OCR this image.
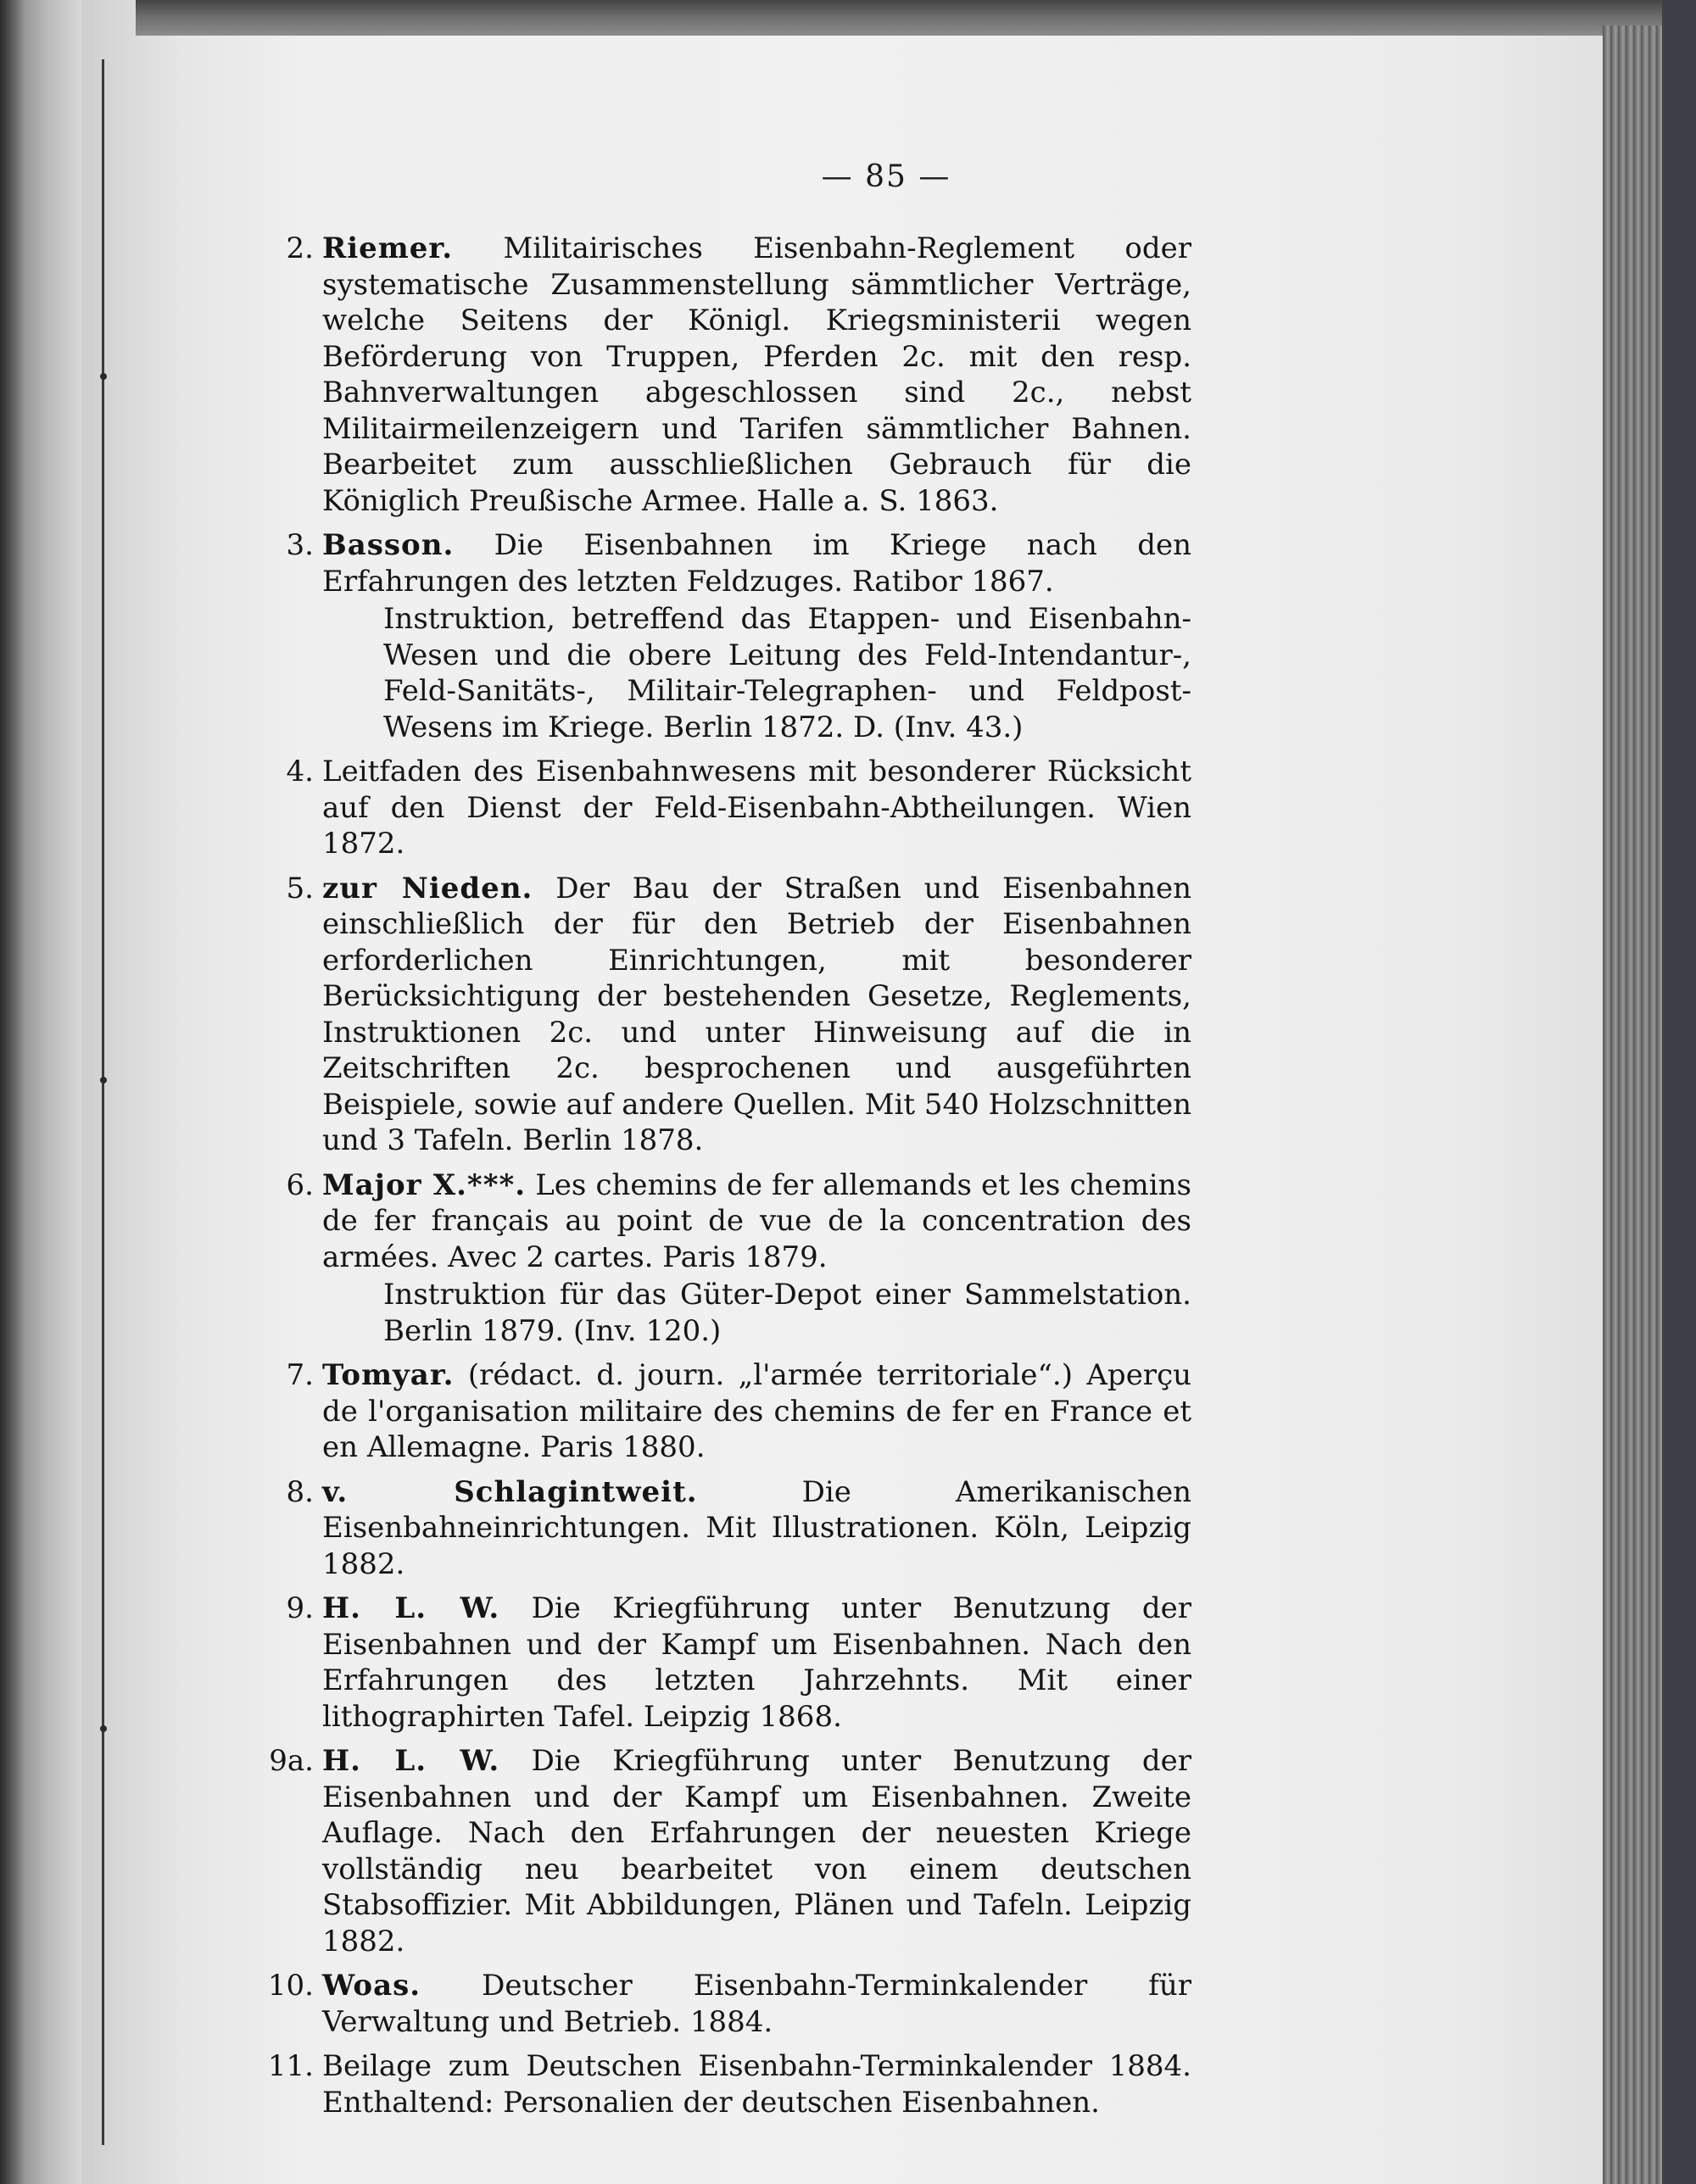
— 85 —
2. Riemer. Militairisches Eisenbahn-Reglement oder systematische Zusammenstellung sämmtlicher Verträge, welche Seitens der Königl. Kriegsministerii wegen Beförderung von Truppen, Pferden 2c. mit den resp. Bahnverwaltungen abgeschlossen sind 2c., nebst Militairmeilenzeigern und Tarifen sämmtlicher Bahnen. Bearbeitet zum ausschließlichen Gebrauch für die Königlich Preußische Armee. Halle a. S. 1863.
3. Basson. Die Eisenbahnen im Kriege nach den Erfahrungen des letzten Feldzuges. Ratibor 1867.
Instruktion, betreffend das Etappen- und Eisenbahn-Wesen und die obere Leitung des Feld-Intendantur-, Feld-Sanitäts-, Militair-Telegraphen- und Feldpost-Wesens im Kriege. Berlin 1872. D. (Inv. 43.)
4. Leitfaden des Eisenbahnwesens mit besonderer Rücksicht auf den Dienst der Feld-Eisenbahn-Abtheilungen. Wien 1872.
5. zur Nieden. Der Bau der Straßen und Eisenbahnen einschließlich der für den Betrieb der Eisenbahnen erforderlichen Einrichtungen, mit besonderer Berücksichtigung der bestehenden Gesetze, Reglements, Instruktionen 2c. und unter Hinweisung auf die in Zeitschriften 2c. besprochenen und ausgeführten Beispiele, sowie auf andere Quellen. Mit 540 Holzschnitten und 3 Tafeln. Berlin 1878.
6. Major X.***. Les chemins de fer allemands et les chemins de fer français au point de vue de la concentration des armées. Avec 2 cartes. Paris 1879.
Instruktion für das Güter-Depot einer Sammelstation. Berlin 1879. (Inv. 120.)
7. Tomyar. (rédact. d. journ. „l'armée territoriale“.) Aperçu de l'organisation militaire des chemins de fer en France et en Allemagne. Paris 1880.
8. v. Schlagintweit.	Die Amerikanischen Eisenbahneinrichtungen. Mit Illustrationen. Köln, Leipzig 1882.
9. H. L. W. Die Kriegführung unter Benutzung der Eisenbahnen und der Kampf um Eisenbahnen. Nach den Erfahrungen des letzten Jahrzehnts. Mit einer lithographirten Tafel. Leipzig 1868.
9a. H. L. W. Die Kriegführung unter Benutzung der Eisenbahnen und der Kampf um Eisenbahnen. Zweite Auflage. Nach den Erfahrungen der neuesten Kriege vollständig neu bearbeitet von einem deutschen Stabsoffizier. Mit Abbildungen, Plänen und Tafeln. Leipzig 1882.
10. Woas. Deutscher Eisenbahn-Terminkalender für Verwaltung und Betrieb. 1884.
11. Beilage zum Deutschen Eisenbahn-Terminkalender 1884. Enthaltend: Personalien der deutschen Eisenbahnen.
